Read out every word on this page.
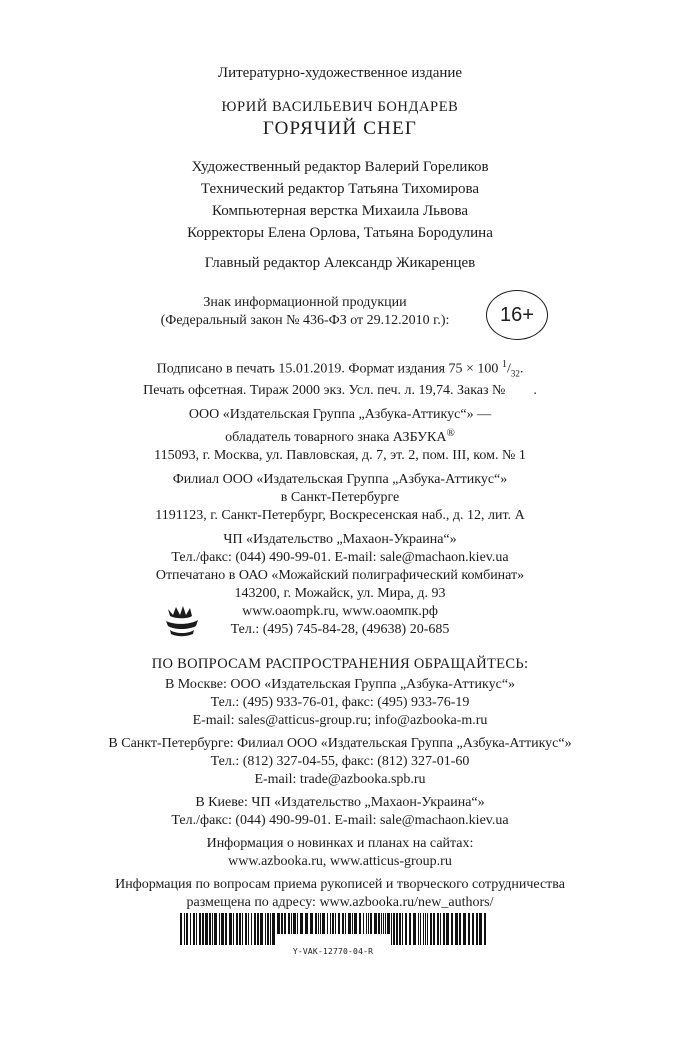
Литературно-художественное издание
ЮРИЙ ВАСИЛЬЕВИЧ БОНДАРЕВ
ГОРЯЧИЙ СНЕГ
Художественный редактор Валерий Гореликов
Технический редактор Татьяна Тихомирова
Компьютерная верстка Михаила Львова
Корректоры Елена Орлова, Татьяна Бородулина
Главный редактор Александр Жикаренцев
Знак информационной продукции
(Федеральный закон № 436-ФЗ от 29.12.2010 г.):	16+
Подписано в печать 15.01.2019. Формат издания 75 × 100 $^1/_{32}$.
Печать офсетная. Тираж 2000 экз. Усл. печ. л. 19,74. Заказ №        .
ООО «Издательская Группа „Азбука-Аттикус“» —
обладатель товарного знака АЗБУКА®
115093, г. Москва, ул. Павловская, д. 7, эт. 2, пом. III, ком. № 1
Филиал ООО «Издательская Группа „Азбука-Аттикус“»
в Санкт-Петербурге
1191123, г. Санкт-Петербург, Воскресенская наб., д. 12, лит. А
ЧП «Издательство „Махаон-Украина“»
Тел./факс: (044) 490-99-01. E-mail: sale@machaon.kiev.ua
Отпечатано в ОАО «Можайский полиграфический комбинат»
143200, г. Можайск, ул. Мира, д. 93
www.oaompk.ru, www.оаомпк.рф
Тел.: (495) 745-84-28, (49638) 20-685
ПО ВОПРОСАМ РАСПРОСТРАНЕНИЯ ОБРАЩАЙТЕСЬ:
В Москве: ООО «Издательская Группа „Азбука-Аттикус“»
Тел.: (495) 933-76-01, факс: (495) 933-76-19
E-mail: sales@atticus-group.ru; info@azbooka-m.ru
В Санкт-Петербурге: Филиал ООО «Издательская Группа „Азбука-Аттикус“»
Тел.: (812) 327-04-55, факс: (812) 327-01-60
E-mail: trade@azbooka.spb.ru
В Киеве: ЧП «Издательство „Махаон-Украина“»
Тел./факс: (044) 490-99-01. E-mail: sale@machaon.kiev.ua
Информация о новинках и планах на сайтах:
www.azbooka.ru, www.atticus-group.ru
Информация по вопросам приема рукописей и творческого сотрудничества
размещена по адресу: www.azbooka.ru/new_authors/
Y-VAK-12770-04-R
